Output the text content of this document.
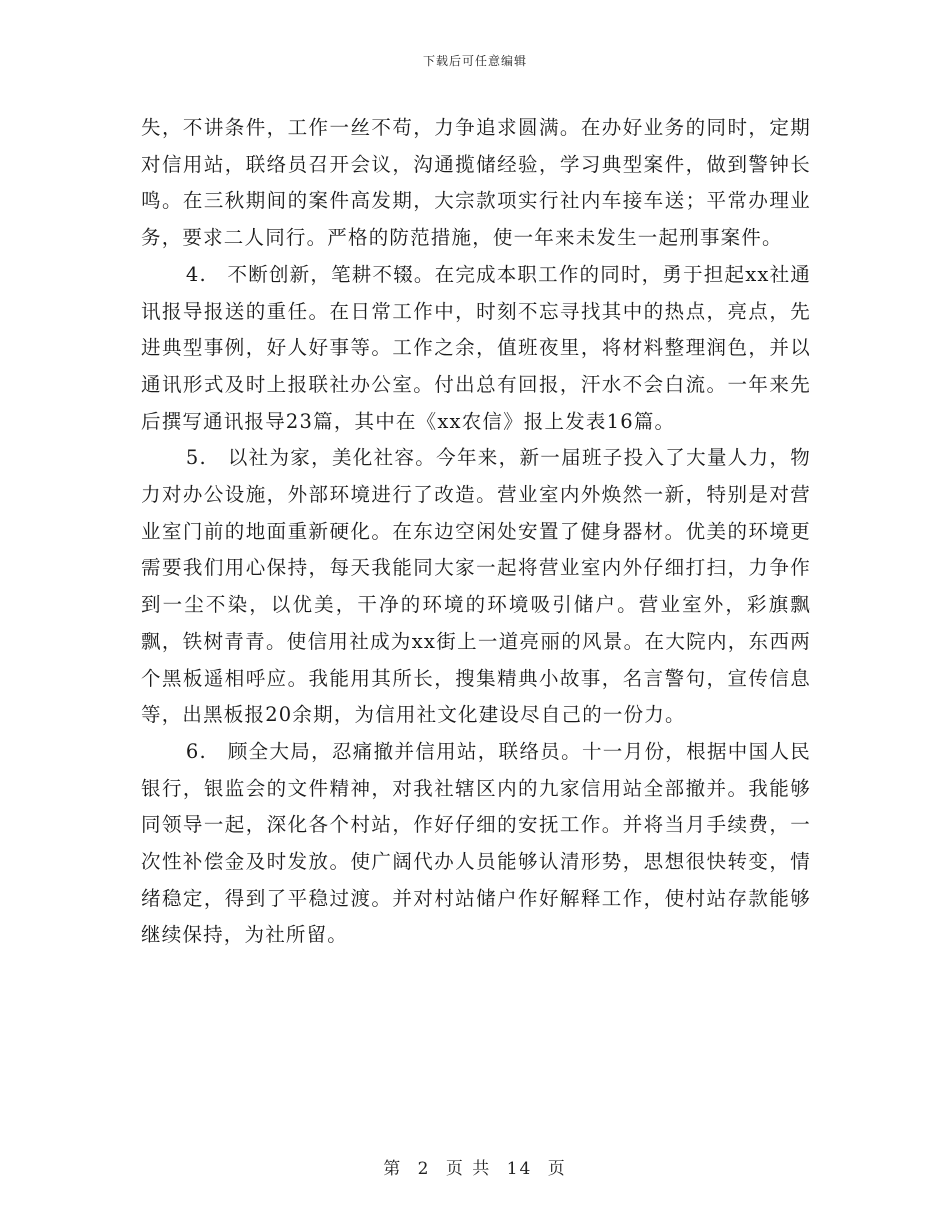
下载后可任意编辑

失，不讲条件，工作一丝不苟，力争追求圆满。在办好业务的同时，定期对信用站，联络员召开会议，沟通揽储经验，学习典型案件，做到警钟长鸣。在三秋期间的案件高发期，大宗款项实行社内车接车送；平常办理业务，要求二人同行。严格的防范措施，使一年来未发生一起刑事案件。

4.　不断创新，笔耕不辍。在完成本职工作的同时，勇于担起xx社通讯报导报送的重任。在日常工作中，时刻不忘寻找其中的热点，亮点，先进典型事例，好人好事等。工作之余，值班夜里，将材料整理润色，并以通讯形式及时上报联社办公室。付出总有回报，汗水不会白流。一年来先后撰写通讯报导23篇，其中在《xx农信》报上发表16篇。

5.　以社为家，美化社容。今年来，新一届班子投入了大量人力，物力对办公设施，外部环境进行了改造。营业室内外焕然一新，特别是对营业室门前的地面重新硬化。在东边空闲处安置了健身器材。优美的环境更需要我们用心保持，每天我能同大家一起将营业室内外仔细打扫，力争作到一尘不染，以优美，干净的环境的环境吸引储户。营业室外，彩旗飘飘，铁树青青。使信用社成为xx街上一道亮丽的风景。在大院内，东西两个黑板遥相呼应。我能用其所长，搜集精典小故事，名言警句，宣传信息等，出黑板报20余期，为信用社文化建设尽自己的一份力。

6.　顾全大局，忍痛撤并信用站，联络员。十一月份，根据中国人民银行，银监会的文件精神，对我社辖区内的九家信用站全部撤并。我能够同领导一起，深化各个村站，作好仔细的安抚工作。并将当月手续费，一次性补偿金及时发放。使广阔代办人员能够认清形势，思想很快转变，情绪稳定，得到了平稳过渡。并对村站储户作好解释工作，使村站存款能够继续保持，为社所留。

第 2 页 共 14 页
